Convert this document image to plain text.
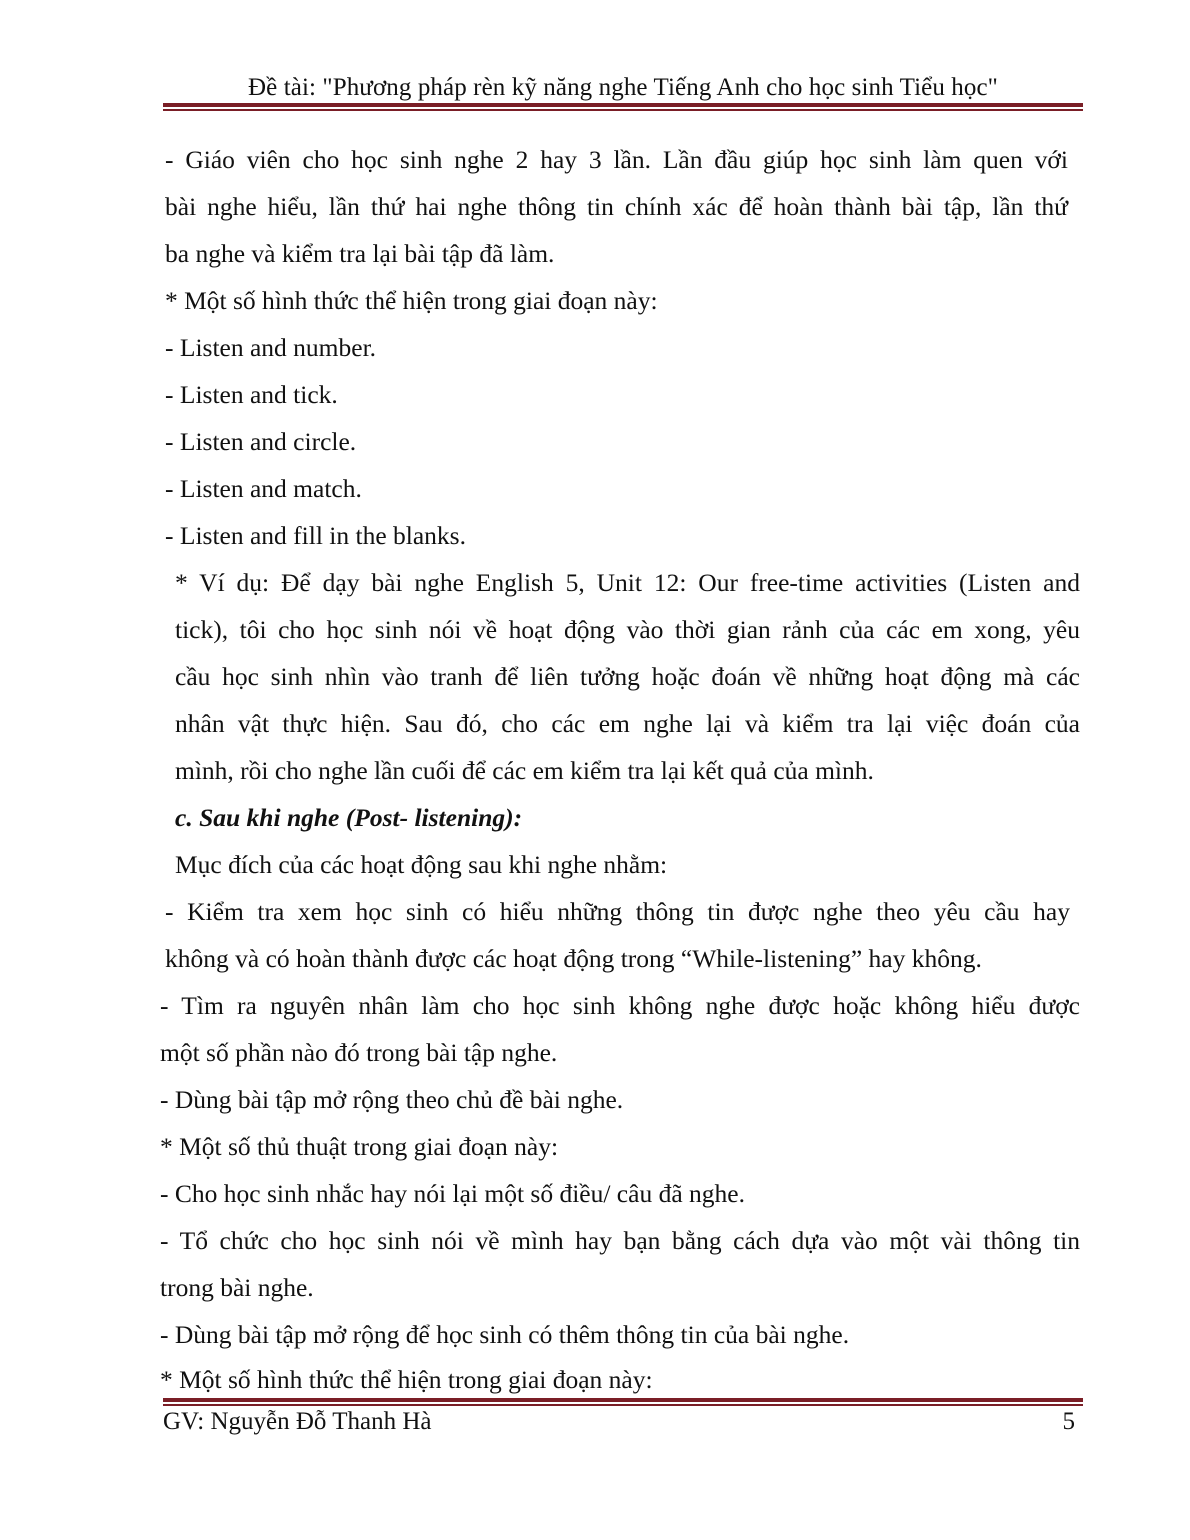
Đề tài: "Phương pháp rèn kỹ năng nghe Tiếng Anh cho học sinh Tiểu học"
- Giáo viên cho học sinh nghe 2 hay 3 lần. Lần đầu giúp học sinh làm quen với
bài nghe hiểu, lần thứ hai nghe thông tin chính xác để hoàn thành bài tập, lần thứ
ba nghe và kiểm tra lại bài tập đã làm.
* Một số hình thức thể hiện trong giai đoạn này:
- Listen and number.
- Listen and tick.
- Listen and circle.
- Listen and match.
- Listen and fill in the blanks.
* Ví dụ: Để dạy bài nghe English 5, Unit 12: Our free-time activities (Listen and
tick), tôi cho học sinh nói về hoạt động vào thời gian rảnh của các em xong, yêu
cầu học sinh nhìn vào tranh để liên tưởng hoặc đoán về những hoạt động mà các
nhân vật thực hiện. Sau đó, cho các em nghe lại và kiểm tra lại việc đoán của
mình, rồi cho nghe lần cuối để các em kiểm tra lại kết quả của mình.
c. Sau khi nghe (Post- listening):
Mục đích của các hoạt động sau khi nghe nhằm:
- Kiểm tra xem học sinh có hiểu những thông tin được nghe theo yêu cầu hay
không và có hoàn thành được các hoạt động trong “While-listening” hay không.
- Tìm ra nguyên nhân làm cho học sinh không nghe được hoặc không hiểu được
một số phần nào đó trong bài tập nghe.
- Dùng bài tập mở rộng theo chủ đề bài nghe.
* Một số thủ thuật trong giai đoạn này:
- Cho học sinh nhắc hay nói lại một số điều/ câu đã nghe.
- Tổ chức cho học sinh nói về mình hay bạn bằng cách dựa vào một vài thông tin
trong bài nghe.
- Dùng bài tập mở rộng để học sinh có thêm thông tin của bài nghe.
* Một số hình thức thể hiện trong giai đoạn này:
GV: Nguyễn Đỗ Thanh Hà	5
